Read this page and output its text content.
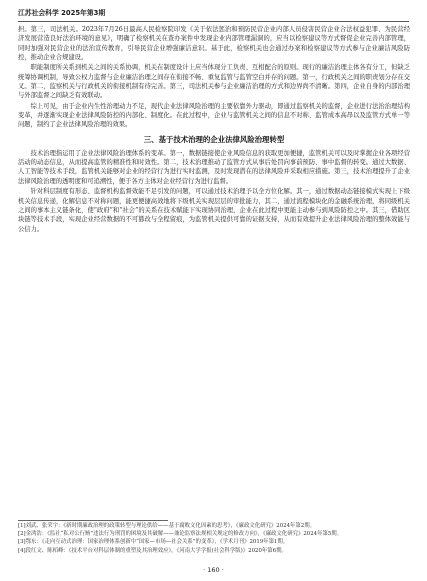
江苏社会科学 2025年第3期

担。第三，司法机关。2023年7月26日最高人民检察院印发《关于依法惩治和预防民营企业内部人员侵害民营企业合法权益犯罪、为民营经济发展营造良好法治环境的意见》，明确了检察机关在查办案件中发现企业内部管理漏洞的，应当以检察建议等方式督促企业完善内部管理，同时加强对民营企业的法治宣传教育，引导民营企业增强廉洁意识。基于此，检察机关也会通过办案和检察建议等方式参与企业廉洁风险防控，推动企业合规建设。

职能制度所关系到机关之间的关系协调，机关在制度设计上应当体现分工负责、互相配合的原则。现行的廉洁治理主体各有分工，但缺乏统筹协调机制，导致公权力监督与企业廉洁治理之间存在衔接不畅、重复监管与监管空白并存的问题。第一，行政机关之间的职责划分存在交叉。第二，监察机关与行政机关的衔接机制有待完善。第三，司法机关参与企业廉洁治理的方式和边界尚不清晰。第四，企业自身的内部治理与外部监督之间缺乏有效联动。

综上可见，由于企业内生性治理动力不足，现代企业法律风险治理的主要依靠外力驱动，即通过监察机关的监督，企业进行法治治理结构变革，并逐渐实现企业法律风险防控的内部化、制度化。在此过程中，企业与监管机关之间的信息不对称、监管成本高昂以及监管方式单一等问题，制约了企业法律风险治理的效果。

三、基于技术治理的企业法律风险治理转型

技术治理指运用了企业法律风险治理体系的变革。第一，数据链接使企业风险信息的获取更加便捷，监管机关可以及时掌握企业各项经营活动的动态信息，从而提高监管的精准性和时效性。第二，技术治理推动了监管方式从事后处罚向事前预防、事中监督的转变。通过大数据、人工智能等技术手段，监管机关能够对企业的经营行为进行实时监测，及时发现潜在的法律风险并采取相应措施。第三，技术治理提升了企业法律风险治理的透明度和可追溯性，便于各方主体对企业经营行为进行监督。

针对科层制度有形态、监督机构监督效能不足引发的问题，可以通过技术治理予以全方位化解。其一，通过数据动态链接模式实现上下级机关信息传递，化解信息不对称问题，能更便捷高效地将下级机关实现层层的审批能力，其二，通过流程模块化的金融系统治理，将同级机关之间的事本主义链条化，使“政府”和“社会”的关系在技术赋能下实现协同治理，企业在此过程中更能主动参与到风险防控之中。其三，借助区块链等技术手段，实现企业经营数据的不可篡改与全程留痕，为监管机关提供可靠的证据支持，从而有效提升企业法律风险治理的整体效能与公信力。

[1]刘武、张荣宇：《新时期廉政治理的政策转型与理论供给——基于腐败文化因素的思考》，《廉政文化研究》2024年第2期。
[2]金鸿浩：《监社“私对公行贿”违法行为刑罚的困境及其破解——兼论监察法规相关规定的修改方向》，《廉政文化研究》2024年第5期。
[3]鄂东：《走向互动式治理：国家治理体系创新中“国家—市场—社会关系”的变革》，《学术月刊》2019年第1期。
[4]段红文、陈栢峰：《技术平台对科层体制的重塑及其治理效应》，《河南大学学报(社会科学版)》2020年第6期。
· 160 ·
